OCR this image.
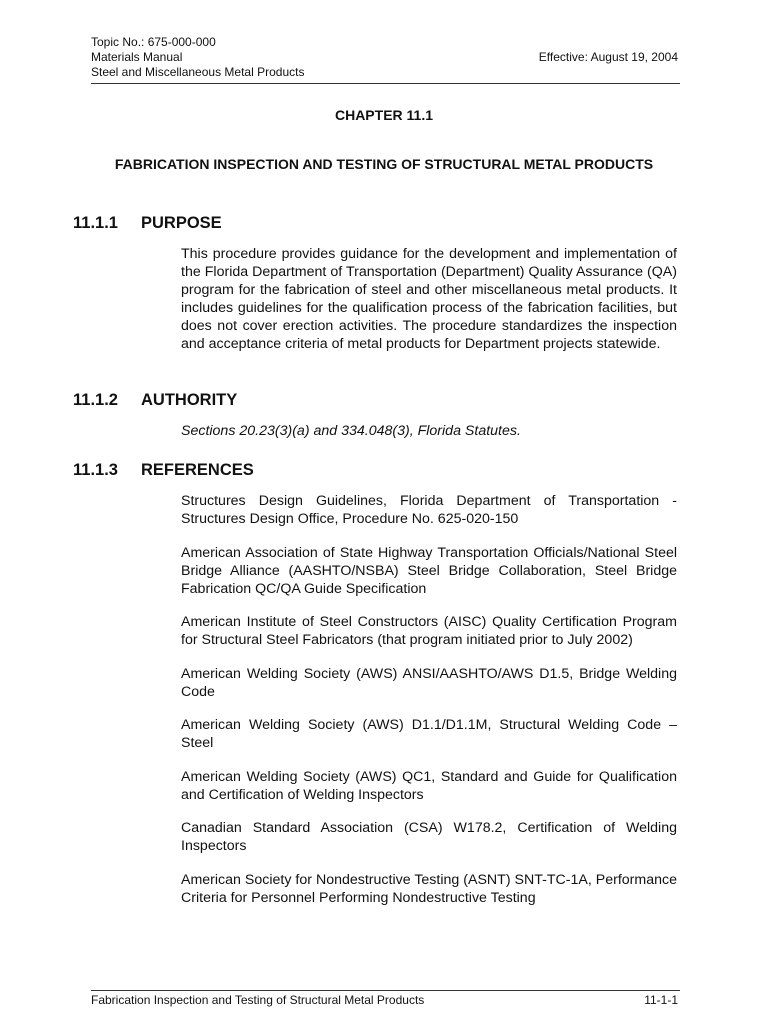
Topic No.: 675-000-000
Materials Manual
Steel and Miscellaneous Metal Products
Effective: August 19, 2004
CHAPTER 11.1
FABRICATION INSPECTION AND TESTING OF STRUCTURAL METAL PRODUCTS
11.1.1 PURPOSE

This procedure provides guidance for the development and implementation of the Florida Department of Transportation (Department) Quality Assurance (QA) program for the fabrication of steel and other miscellaneous metal products. It includes guidelines for the qualification process of the fabrication facilities, but does not cover erection activities. The procedure standardizes the inspection and acceptance criteria of metal products for Department projects statewide.

11.1.2 AUTHORITY

Sections 20.23(3)(a) and 334.048(3), Florida Statutes.

11.1.3 REFERENCES
Structures Design Guidelines, Florida Department of Transportation - Structures Design Office, Procedure No. 625-020-150
American Association of State Highway Transportation Officials/National Steel Bridge Alliance (AASHTO/NSBA) Steel Bridge Collaboration, Steel Bridge Fabrication QC/QA Guide Specification
American Institute of Steel Constructors (AISC) Quality Certification Program for Structural Steel Fabricators (that program initiated prior to July 2002)
American Welding Society (AWS) ANSI/AASHTO/AWS D1.5, Bridge Welding Code
American Welding Society (AWS) D1.1/D1.1M, Structural Welding Code – Steel
American Welding Society (AWS) QC1, Standard and Guide for Qualification and Certification of Welding Inspectors
Canadian Standard Association (CSA) W178.2, Certification of Welding Inspectors
American Society for Nondestructive Testing (ASNT) SNT-TC-1A, Performance Criteria for Personnel Performing Nondestructive Testing
Fabrication Inspection and Testing of Structural Metal Products	11-1-1
